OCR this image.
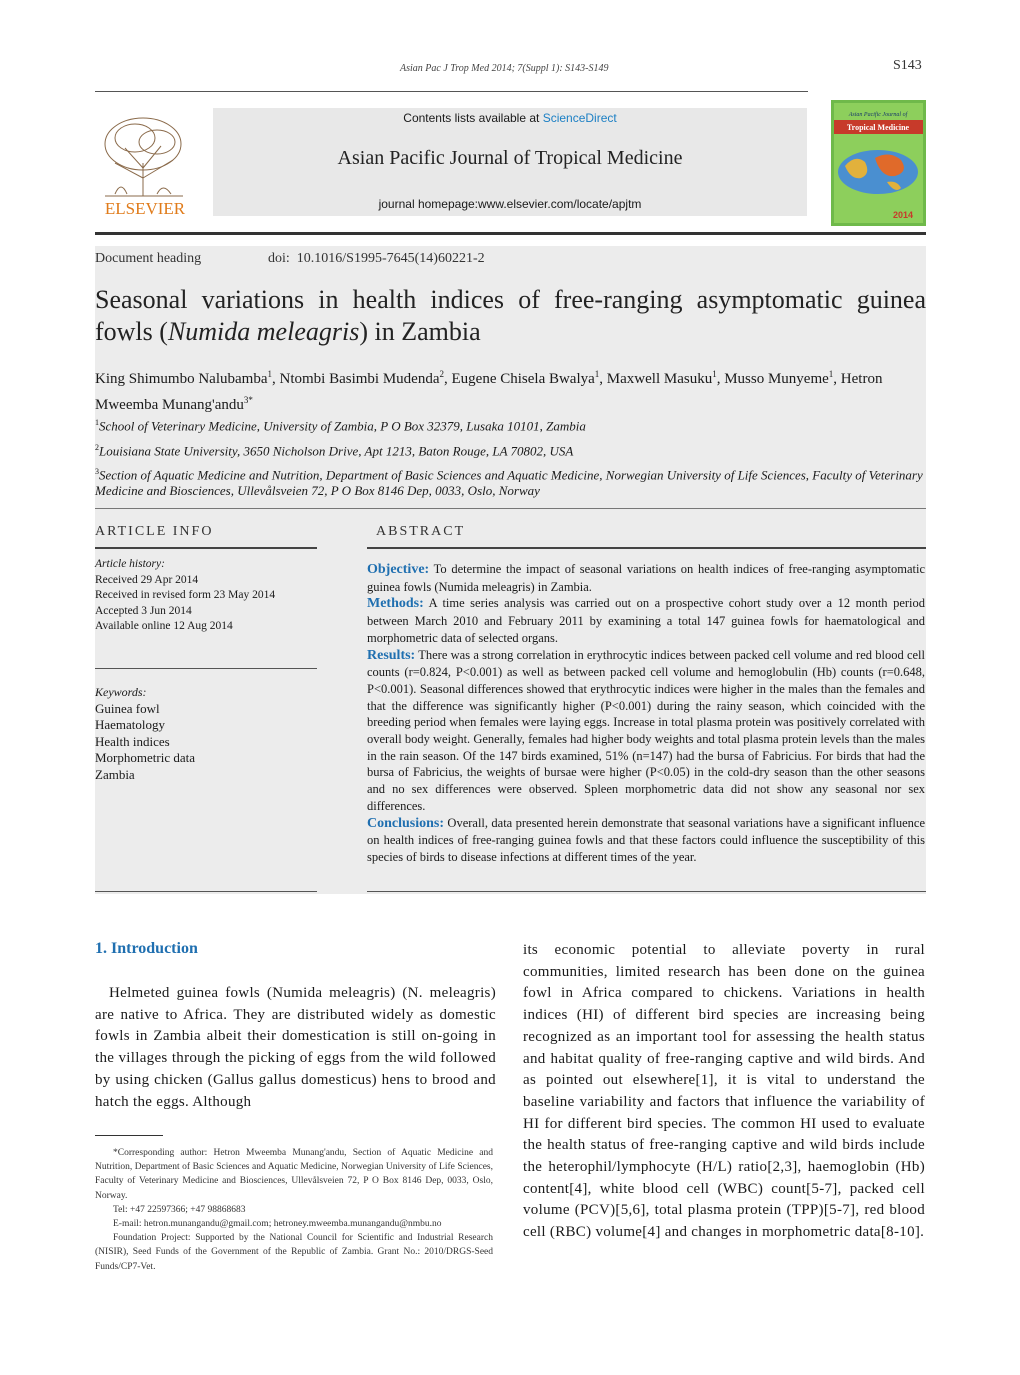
Asian Pac J Trop Med 2014; 7(Suppl 1): S143-S149	S143
ELSEVIER
Contents lists available at ScienceDirect
Asian Pacific Journal of Tropical Medicine
journal homepage:www.elsevier.com/locate/apjtm
Asian Pacific Journal of
Tropical Medicine
2014
Document heading	doi: 10.1016/S1995-7645(14)60221-2
Seasonal variations in health indices of free-ranging asymptomatic guinea fowls (Numida meleagris) in Zambia
King Shimumbo Nalubamba$^1$, Ntombi Basimbi Mudenda$^2$, Eugene Chisela Bwalya$^1$, Maxwell Masuku$^1$, Musso Munyeme$^1$, Hetron Mweemba Munang'andu$^{3*}$
$^1$School of Veterinary Medicine, University of Zambia, P O Box 32379, Lusaka 10101, Zambia
$^2$Louisiana State University, 3650 Nicholson Drive, Apt 1213, Baton Rouge, LA 70802, USA
$^3$Section of Aquatic Medicine and Nutrition, Department of Basic Sciences and Aquatic Medicine, Norwegian University of Life Sciences, Faculty of Veterinary Medicine and Biosciences, Ullevålsveien 72, P O Box 8146 Dep, 0033, Oslo, Norway
ARTICLE INFO	ABSTRACT
Article history:
Received 29 Apr 2014
Received in revised form 23 May 2014
Accepted 3 Jun 2014
Available online 12 Aug 2014
Keywords:
Guinea fowl
Haematology
Health indices
Morphometric data
Zambia
Objective: To determine the impact of seasonal variations on health indices of free-ranging asymptomatic guinea fowls (Numida meleagris) in Zambia.
Methods: A time series analysis was carried out on a prospective cohort study over a 12 month period between March 2010 and February 2011 by examining a total 147 guinea fowls for haematological and morphometric data of selected organs.
Results: There was a strong correlation in erythrocytic indices between packed cell volume and red blood cell counts (r=0.824, P<0.001) as well as between packed cell volume and hemoglobulin (Hb) counts (r=0.648, P<0.001). Seasonal differences showed that erythrocytic indices were higher in the males than the females and that the difference was significantly higher (P<0.001) during the rainy season, which coincided with the breeding period when females were laying eggs. Increase in total plasma protein was positively correlated with overall body weight. Generally, females had higher body weights and total plasma protein levels than the males in the rain season. Of the 147 birds examined, 51% (n=147) had the bursa of Fabricius. For birds that had the bursa of Fabricius, the weights of bursae were higher (P<0.05) in the cold-dry season than the other seasons and no sex differences were observed. Spleen morphometric data did not show any seasonal nor sex differences.
Conclusions: Overall, data presented herein demonstrate that seasonal variations have a significant influence on health indices of free-ranging guinea fowls and that these factors could influence the susceptibility of this species of birds to disease infections at different times of the year.
1. Introduction

Helmeted guinea fowls (Numida meleagris) (N. meleagris) are native to Africa. They are distributed widely as domestic fowls in Zambia albeit their domestication is still on-going in the villages through the picking of eggs from the wild followed by using chicken (Gallus gallus domesticus) hens to brood and hatch the eggs. Although

its economic potential to alleviate poverty in rural communities, limited research has been done on the guinea fowl in Africa compared to chickens. Variations in health indices (HI) of different bird species are increasing being recognized as an important tool for assessing the health status and habitat quality of free-ranging captive and wild birds. And as pointed out elsewhere[1], it is vital to understand the baseline variability and factors that influence the variability of HI for different bird species. The common HI used to evaluate the health status of free-ranging captive and wild birds include the heterophil/lymphocyte (H/L) ratio[2,3], haemoglobin (Hb) content[4], white blood cell (WBC) count[5-7], packed cell volume (PCV)[5,6], total plasma protein (TPP)[5-7], red blood cell (RBC) volume[4] and changes in morphometric data[8-10].

*Corresponding author: Hetron Mweemba Munang'andu, Section of Aquatic Medicine and Nutrition, Department of Basic Sciences and Aquatic Medicine, Norwegian University of Life Sciences, Faculty of Veterinary Medicine and Biosciences, Ullevålsveien 72, P O Box 8146 Dep, 0033, Oslo, Norway.

Tel: +47 22597366; +47 98868683

E-mail: hetron.munangandu@gmail.com; hetroney.mweemba.munangandu@nmbu.no

Foundation Project: Supported by the National Council for Scientific and Industrial Research (NISIR), Seed Funds of the Government of the Republic of Zambia. Grant No.: 2010/DRGS-Seed Funds/CP7-Vet.
